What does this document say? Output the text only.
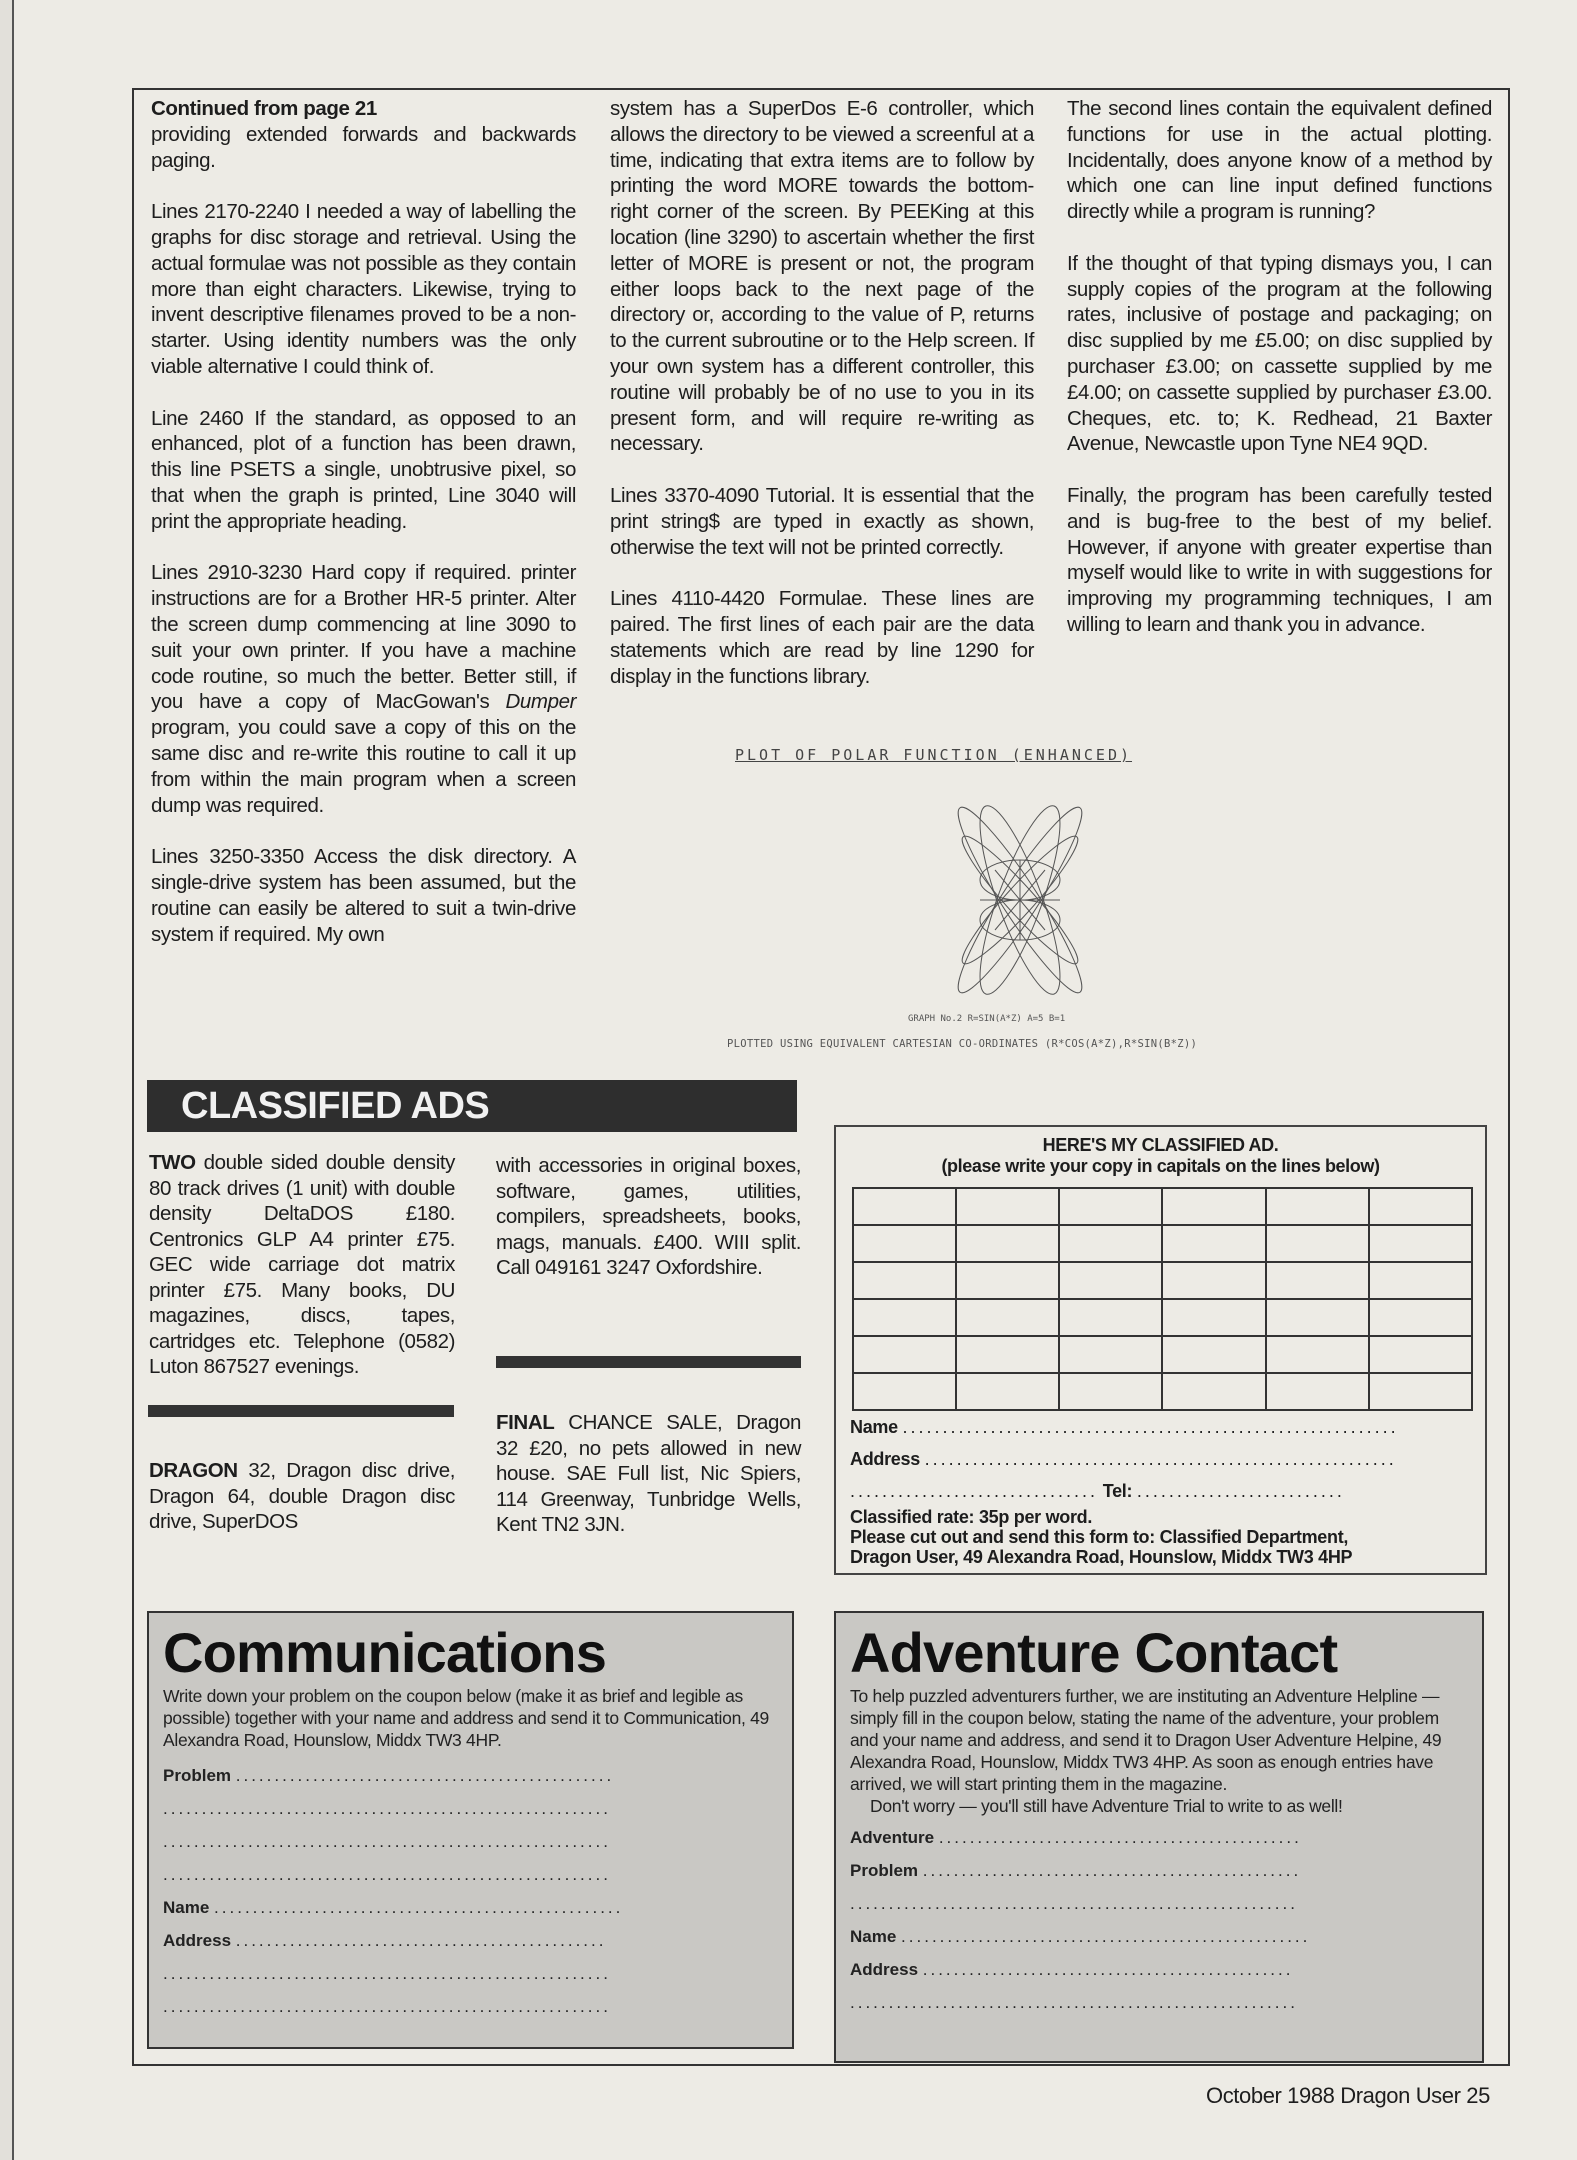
Continued from page 21

providing extended forwards and backwards paging.

Lines 2170-2240 I needed a way of labelling the graphs for disc storage and retrieval. Using the actual formulae was not possible as they contain more than eight characters. Likewise, trying to invent descriptive filenames proved to be a non-starter. Using identity numbers was the only viable alternative I could think of.

Line 2460 If the standard, as opposed to an enhanced, plot of a function has been drawn, this line PSETS a single, unobtrusive pixel, so that when the graph is printed, Line 3040 will print the appropriate heading.

Lines 2910-3230 Hard copy if required. printer instructions are for a Brother HR-5 printer. Alter the screen dump commencing at line 3090 to suit your own printer. If you have a machine code routine, so much the better. Better still, if you have a copy of MacGowan's Dumper program, you could save a copy of this on the same disc and re-write this routine to call it up from within the main program when a screen dump was required.

Lines 3250-3350 Access the disk directory. A single-drive system has been assumed, but the routine can easily be altered to suit a twin-drive system if required. My own

system has a SuperDos E-6 controller, which allows the directory to be viewed a screenful at a time, indicating that extra items are to follow by printing the word MORE towards the bottom-right corner of the screen. By PEEKing at this location (line 3290) to ascertain whether the first letter of MORE is present or not, the program either loops back to the next page of the directory or, according to the value of P, returns to the current subroutine or to the Help screen. If your own system has a different controller, this routine will probably be of no use to you in its present form, and will require re-writing as necessary.

Lines 3370-4090 Tutorial. It is essential that the print string$ are typed in exactly as shown, otherwise the text will not be printed correctly.

Lines 4110-4420 Formulae. These lines are paired. The first lines of each pair are the data statements which are read by line 1290 for display in the functions library.

The second lines contain the equivalent defined functions for use in the actual plotting. Incidentally, does anyone know of a method by which one can line input defined functions directly while a program is running?

If the thought of that typing dismays you, I can supply copies of the program at the following rates, inclusive of postage and packaging; on disc supplied by me £5.00; on disc supplied by purchaser £3.00; on cassette supplied by me £4.00; on cassette supplied by purchaser £3.00. Cheques, etc. to; K. Redhead, 21 Baxter Avenue, Newcastle upon Tyne NE4 9QD.

Finally, the program has been carefully tested and is bug-free to the best of my belief. However, if anyone with greater expertise than myself would like to write in with suggestions for improving my programming techniques, I am willing to learn and thank you in advance.

PLOT OF POLAR FUNCTION (ENHANCED)
GRAPH No.2 R=SIN(A*Z) A=5 B=1
PLOTTED USING EQUIVALENT CARTESIAN CO-ORDINATES (R*COS(A*Z),R*SIN(B*Z))
CLASSIFIED ADS
TWO double sided double density 80 track drives (1 unit) with double density DeltaDOS £180. Centronics GLP A4 printer £75. GEC wide carriage dot matrix printer £75. Many books, DU magazines, discs, tapes, cartridges etc. Telephone (0582) Luton 867527 evenings.
DRAGON 32, Dragon disc drive, Dragon 64, double Dragon disc drive, SuperDOS
with accessories in original boxes, software, games, utilities, compilers, spreadsheets, books, mags, manuals. £400. WIII split. Call 049161 3247 Oxfordshire.
FINAL CHANCE SALE, Dragon 32 £20, no pets allowed in new house. SAE Full list, Nic Spiers, 114 Greenway, Tunbridge Wells, Kent TN2 3JN.
HERE'S MY CLASSIFIED AD.
(please write your copy in capitals on the lines below)

Name ..............................................................
Address ...........................................................
............................... Tel: ..........................
Classified rate: 35p per word.
Please cut out and send this form to: Classified Department,
Dragon User, 49 Alexandra Road, Hounslow, Middx TW3 4HP
Communications
Write down your problem on the coupon below (make it as brief and legible as possible) together with your name and address and send it to Communication, 49 Alexandra Road, Hounslow, Middx TW3 4HP.
Problem .................................................
..........................................................
..........................................................
..........................................................
Name .....................................................
Address ................................................
..........................................................
..........................................................
Adventure Contact
To help puzzled adventurers further, we are instituting an Adventure Helpline — simply fill in the coupon below, stating the name of the adventure, your problem and your name and address, and send it to Dragon User Adventure Helpine, 49 Alexandra Road, Hounslow, Middx TW3 4HP. As soon as enough entries have arrived, we will start printing them in the magazine.
Don't worry — you'll still have Adventure Trial to write to as well!
Adventure ...............................................
Problem .................................................
..........................................................
Name .....................................................
Address ................................................
..........................................................
October 1988 Dragon User 25
